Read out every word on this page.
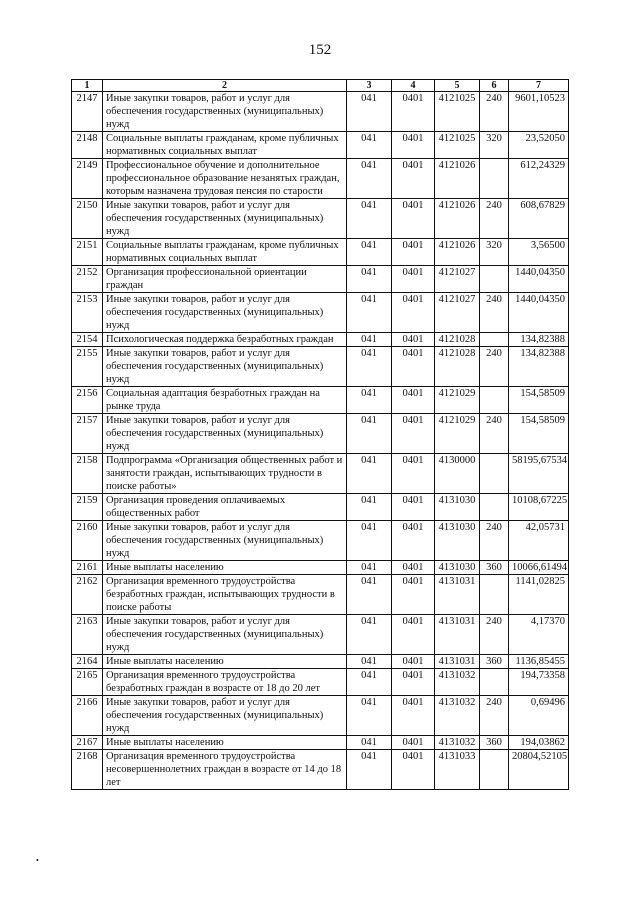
152
1	2	3	4	5	6	7
2147	Иные закупки товаров, работ и услуг для обеспечения государственных (муниципальных) нужд	041	0401	4121025	240	9601,10523
2148	Социальные выплаты гражданам, кроме публичных нормативных социальных выплат	041	0401	4121025	320	23,52050
2149	Профессиональное обучение и дополнительное профессиональное образование незанятых граждан, которым назначена трудовая пенсия по старости	041	0401	4121026		612,24329
2150	Иные закупки товаров, работ и услуг для обеспечения государственных (муниципальных) нужд	041	0401	4121026	240	608,67829
2151	Социальные выплаты гражданам, кроме публичных нормативных социальных выплат	041	0401	4121026	320	3,56500
2152	Организация профессиональной ориентации граждан	041	0401	4121027		1440,04350
2153	Иные закупки товаров, работ и услуг для обеспечения государственных (муниципальных) нужд	041	0401	4121027	240	1440,04350
2154	Психологическая поддержка безработных граждан	041	0401	4121028		134,82388
2155	Иные закупки товаров, работ и услуг для обеспечения государственных (муниципальных) нужд	041	0401	4121028	240	134,82388
2156	Социальная адаптация безработных граждан на рынке труда	041	0401	4121029		154,58509
2157	Иные закупки товаров, работ и услуг для обеспечения государственных (муниципальных) нужд	041	0401	4121029	240	154,58509
2158	Подпрограмма «Организация общественных работ и занятости граждан, испытывающих трудности в поиске работы»	041	0401	4130000		58195,67534
2159	Организация проведения оплачиваемых общественных работ	041	0401	4131030		10108,67225
2160	Иные закупки товаров, работ и услуг для обеспечения государственных (муниципальных) нужд	041	0401	4131030	240	42,05731
2161	Иные выплаты населению	041	0401	4131030	360	10066,61494
2162	Организация временного трудоустройства безработных граждан, испытывающих трудности в поиске работы	041	0401	4131031		1141,02825
2163	Иные закупки товаров, работ и услуг для обеспечения государственных (муниципальных) нужд	041	0401	4131031	240	4,17370
2164	Иные выплаты населению	041	0401	4131031	360	1136,85455
2165	Организация временного трудоустройства безработных граждан в возрасте от 18 до 20 лет	041	0401	4131032		194,73358
2166	Иные закупки товаров, работ и услуг для обеспечения государственных (муниципальных) нужд	041	0401	4131032	240	0,69496
2167	Иные выплаты населению	041	0401	4131032	360	194,03862
2168	Организация временного трудоустройства несовершеннолетних граждан в возрасте от 14 до 18 лет	041	0401	4131033		20804,52105
•
